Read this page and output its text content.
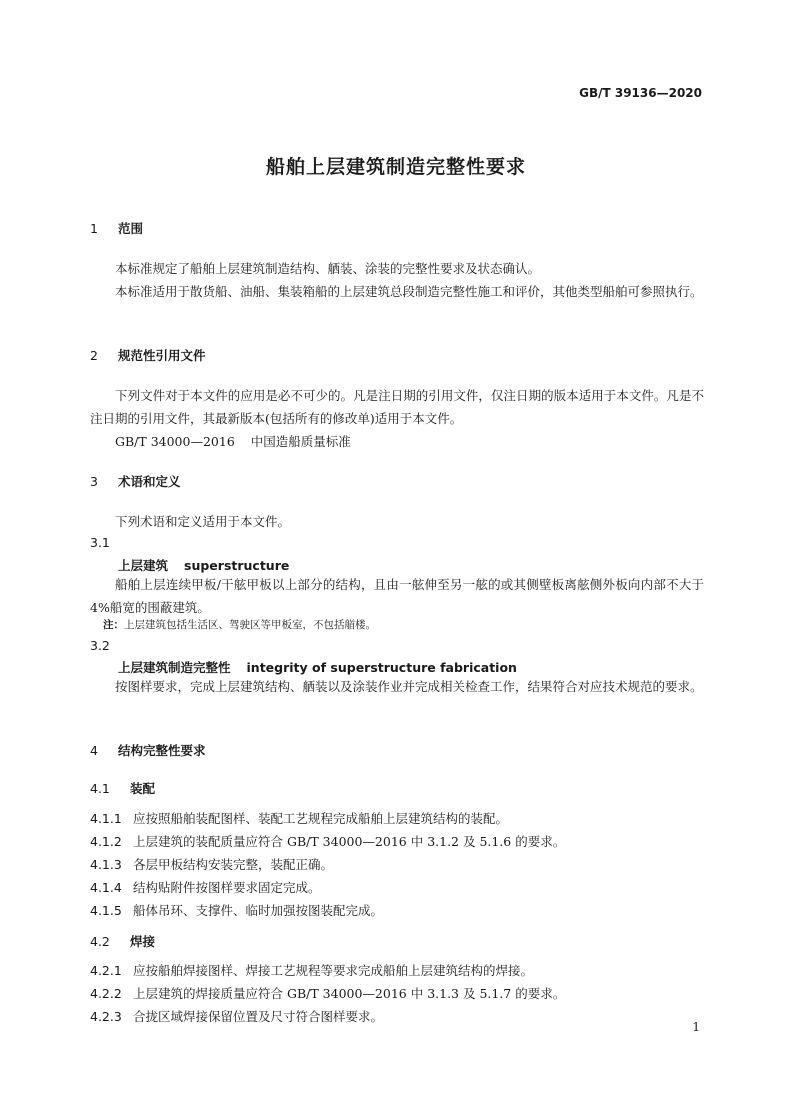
GB/T 39136—2020
船舶上层建筑制造完整性要求
1 范围
本标准规定了船舶上层建筑制造结构、舾装、涂装的完整性要求及状态确认。
本标准适用于散货船、油船、集装箱船的上层建筑总段制造完整性施工和评价，其他类型船舶可参照执行。
2 规范性引用文件
下列文件对于本文件的应用是必不可少的。凡是注日期的引用文件，仅注日期的版本适用于本文件。凡是不注日期的引用文件，其最新版本(包括所有的修改单)适用于本文件。
GB/T 34000—2016 中国造船质量标准
3 术语和定义
下列术语和定义适用于本文件。
3.1
上层建筑 superstructure
船舶上层连续甲板/干舷甲板以上部分的结构，且由一舷伸至另一舷的或其侧壁板离舷侧外板向内部不大于4%船宽的围蔽建筑。
注：上层建筑包括生活区、驾驶区等甲板室，不包括艏楼。
3.2
上层建筑制造完整性 integrity of superstructure fabrication
按图样要求，完成上层建筑结构、舾装以及涂装作业并完成相关检查工作，结果符合对应技术规范的要求。
4 结构完整性要求
4.1 装配
4.1.1 应按照船舶装配图样、装配工艺规程完成船舶上层建筑结构的装配。
4.1.2 上层建筑的装配质量应符合 GB/T 34000—2016 中 3.1.2 及 5.1.6 的要求。
4.1.3 各层甲板结构安装完整，装配正确。
4.1.4 结构贴附件按图样要求固定完成。
4.1.5 船体吊环、支撑件、临时加强按图装配完成。
4.2 焊接
4.2.1 应按船舶焊接图样、焊接工艺规程等要求完成船舶上层建筑结构的焊接。
4.2.2 上层建筑的焊接质量应符合 GB/T 34000—2016 中 3.1.3 及 5.1.7 的要求。
4.2.3 合拢区域焊接保留位置及尺寸符合图样要求。
1
